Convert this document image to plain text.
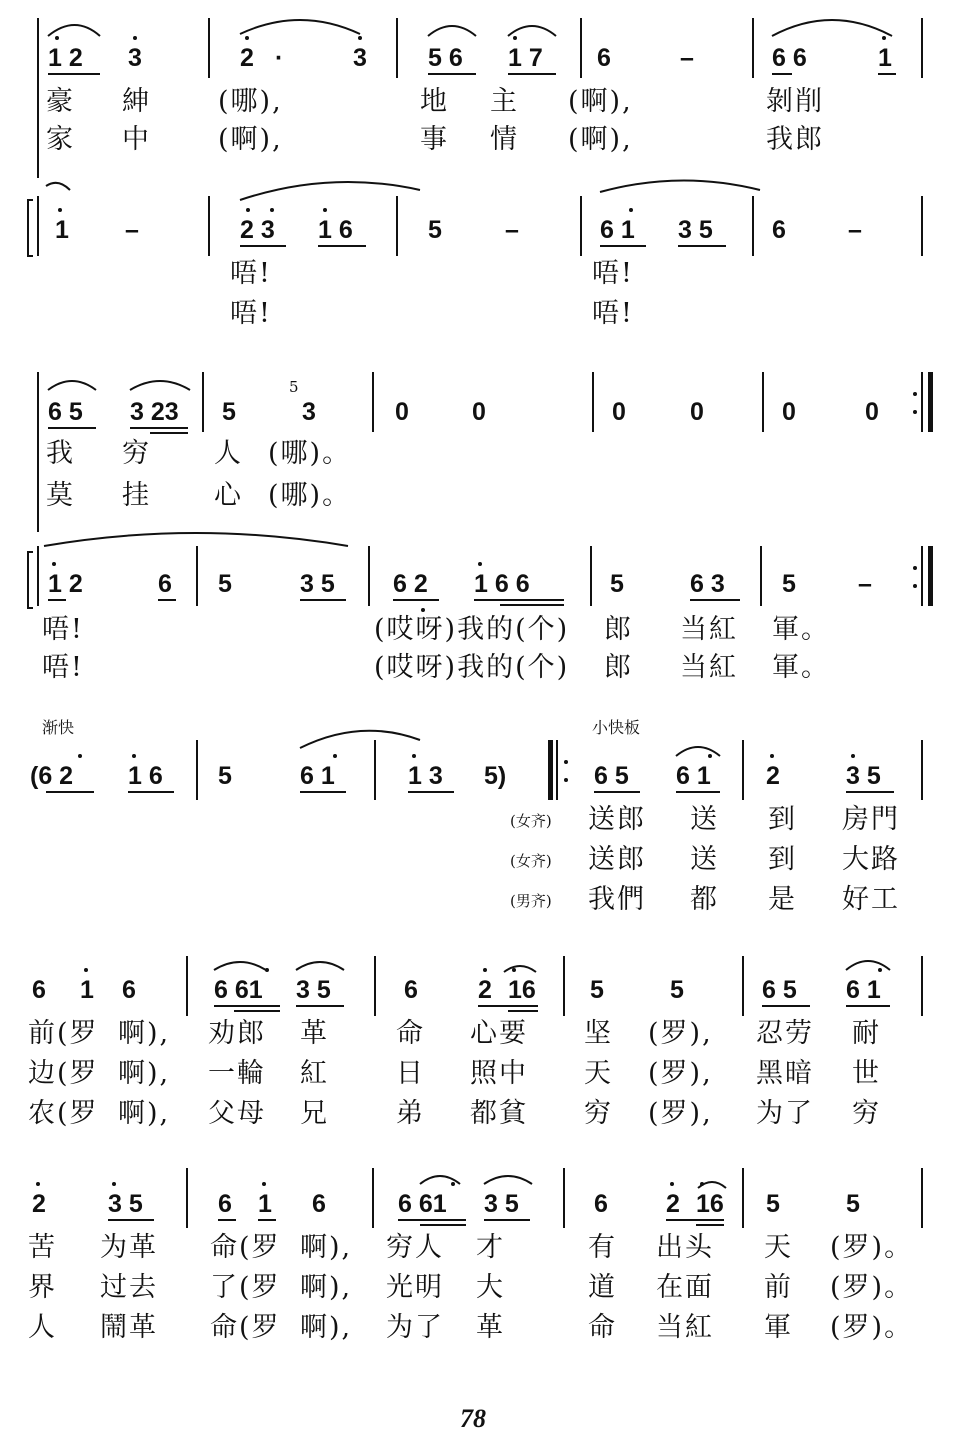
1 2 3	2 ·	3 5 6 1 7 6	–	6 6	1
豪 紳 (哪),	地 主 (啊),	剝削
家 中 (啊),	事 情 (啊),	我郎
1 –	2 3 1 6	5	–	6 1 3 5 6 –
唔!	唔!
唔!	唔!
6 5 3 23 5
5
3	0	0	0	0	0	0
我 穷 人 (哪)。
莫 挂 心 (哪)。
1 2	6 5	3 5 6 2 1 6 6	5	6 3 5 –
唔!	(哎呀)我的(个) 郎 当紅 軍。
唔!	(哎呀)我的(个) 郎 当紅 軍。
渐快	小快板
(6 2 1 6 5	6 1	1 3 5)	6 5 6 1 2	3 5
(女齐) 送郎 送 到 房門
(女齐) 送郎 送 到 大路
(男齐) 我們 都 是 好工
6 1 6	6 61 3 5	6 2 16 5	5	6 5 6 1
前(罗 啊), 劝郎 革 命 心要 坚 (罗), 忍劳 耐
边(罗 啊), 一輪 紅 日 照中 天 (罗), 黑暗 世
农(罗 啊), 父母 兄 弟 都貧 穷 (罗), 为了 穷
2 3 5	6 1 6	6 61 3 5	6 2 16 5	5
苦 为革 命(罗 啊), 穷人 才	有 出头 天 (罗)。
界 过去 了(罗 啊), 光明 大	道 在面 前 (罗)。
人 鬧革 命(罗 啊), 为了 革	命 当紅 軍 (罗)。
78
